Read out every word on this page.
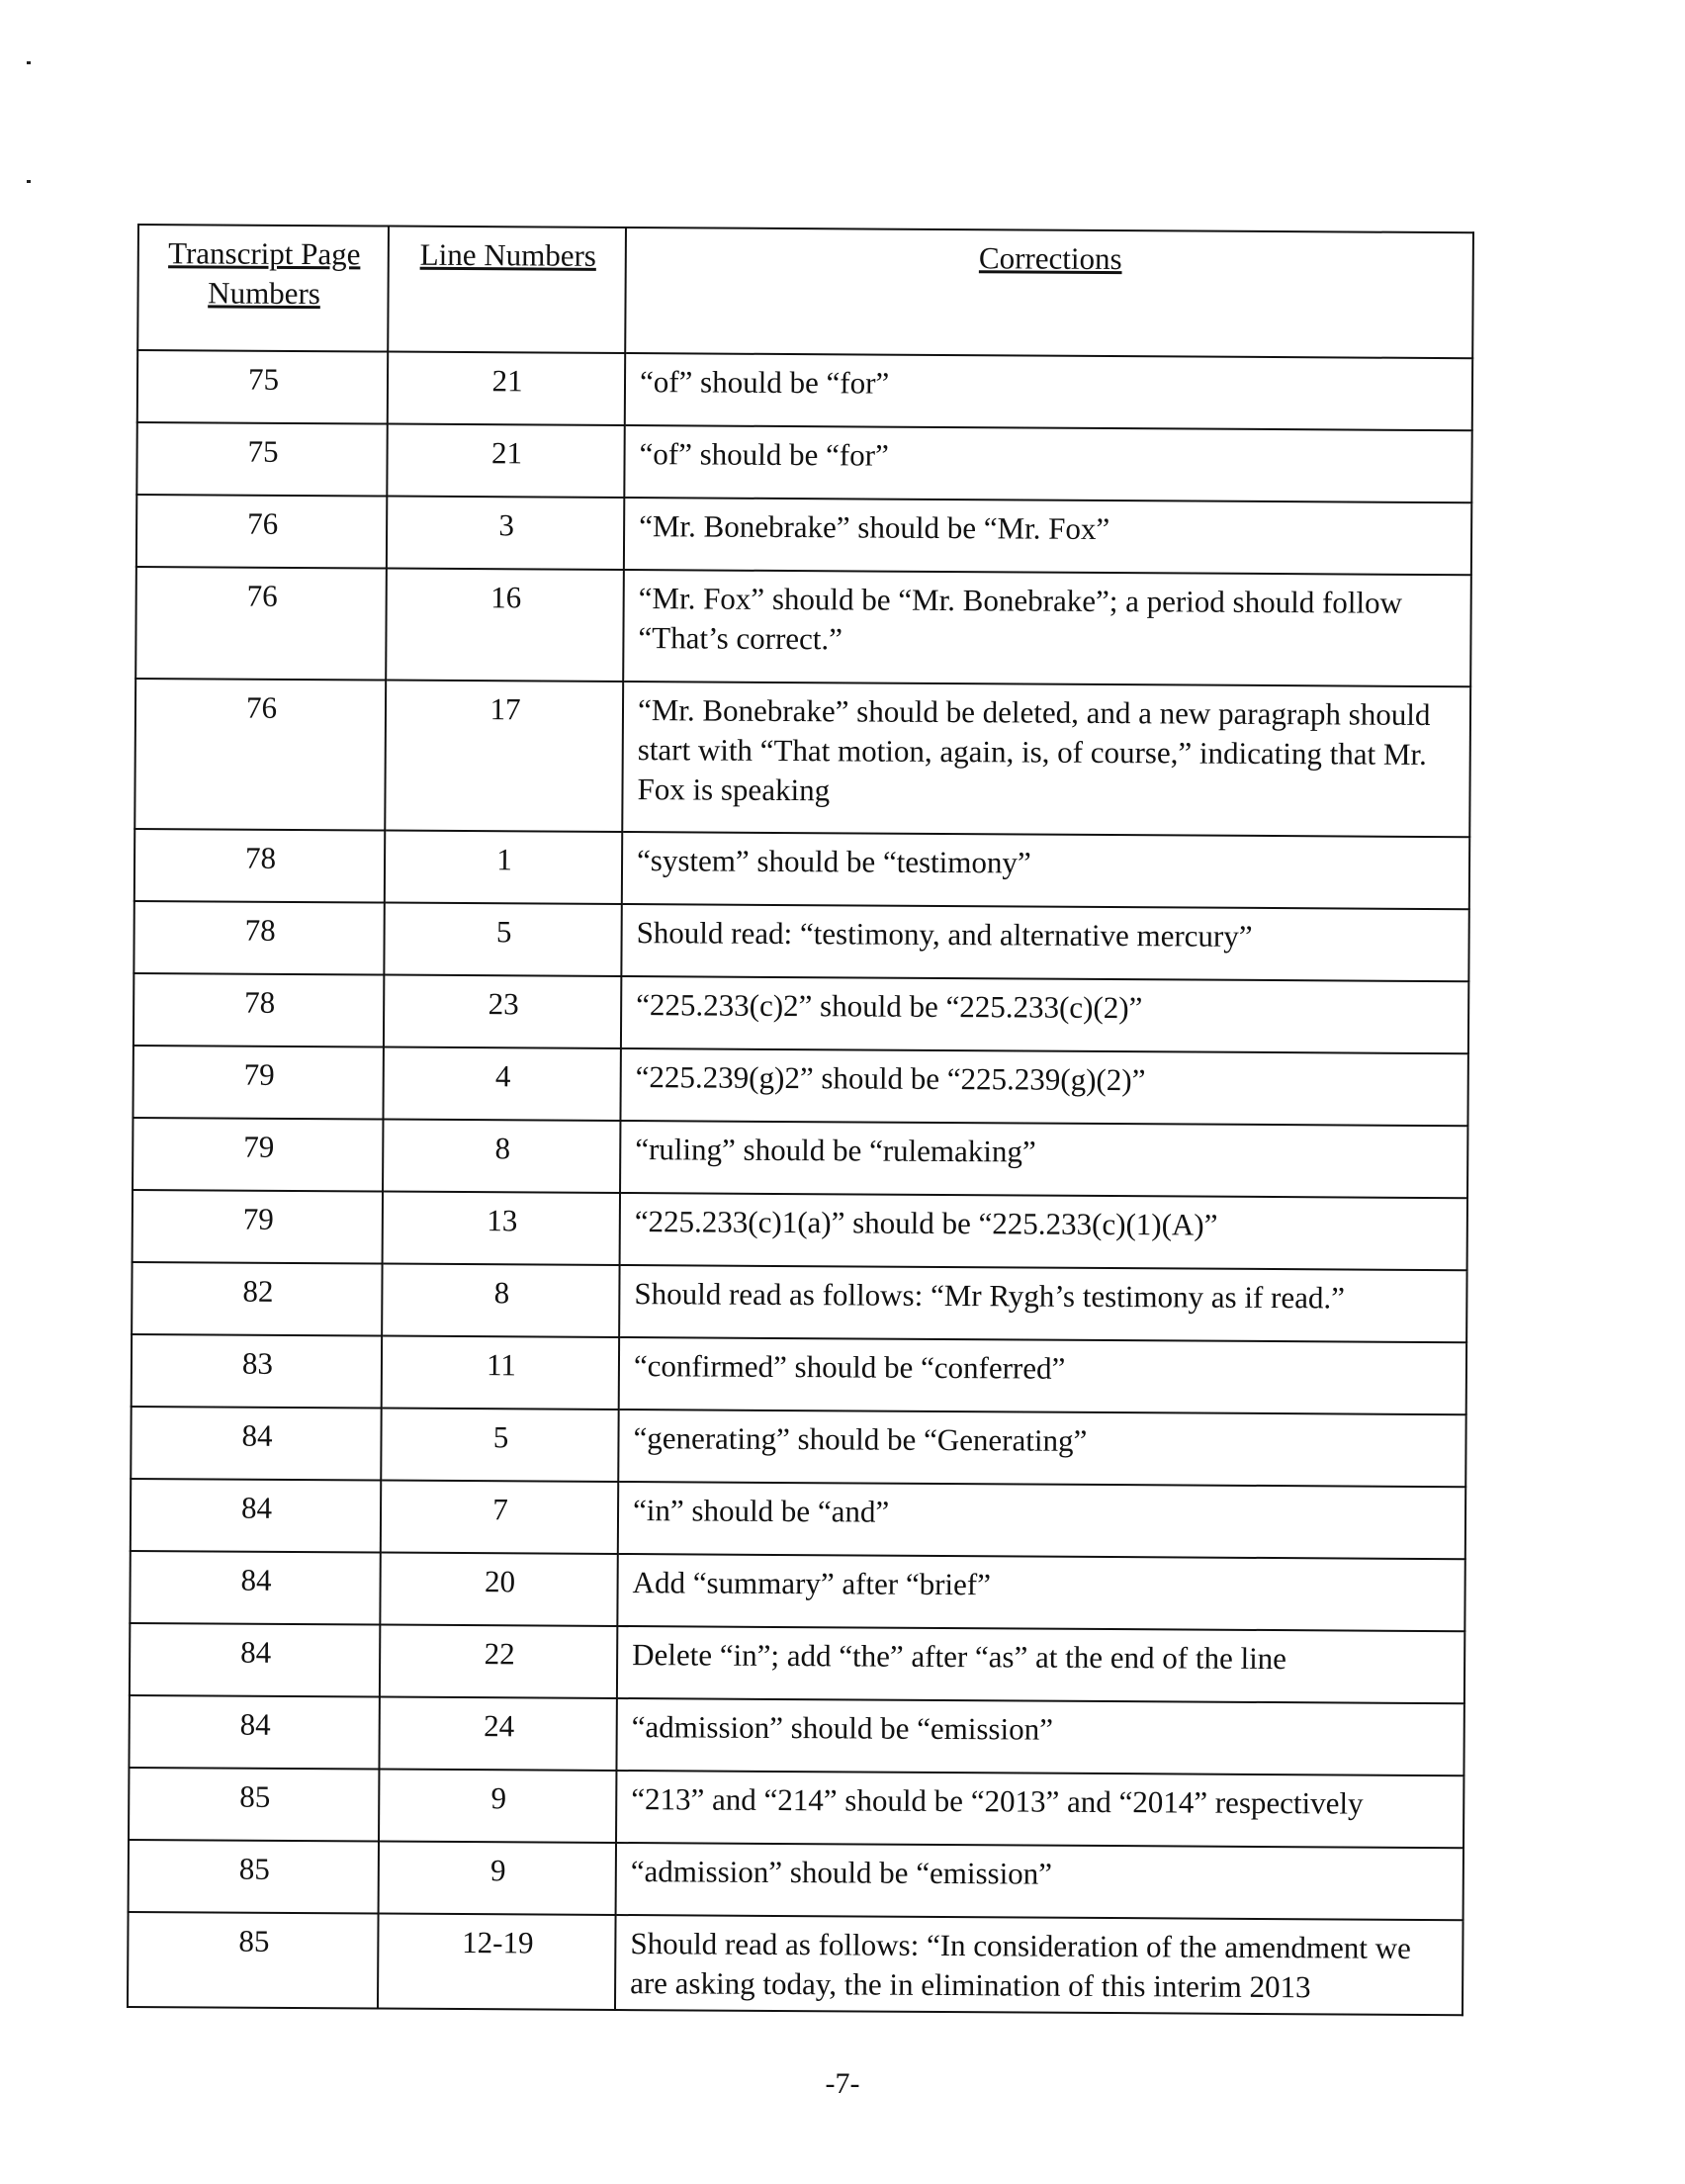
Transcript Page Numbers	Line Numbers	Corrections
75	21	“of” should be “for”
75	21	“of” should be “for”
76	3	“Mr. Bonebrake” should be “Mr. Fox”
76	16	“Mr. Fox” should be “Mr. Bonebrake”; a period should follow “That’s correct.”
76	17	“Mr. Bonebrake” should be deleted, and a new paragraph should start with “That motion, again, is, of course,” indicating that Mr. Fox is speaking
78	1	“system” should be “testimony”
78	5	Should read: “testimony, and alternative mercury”
78	23	“225.233(c)2” should be “225.233(c)(2)”
79	4	“225.239(g)2” should be “225.239(g)(2)”
79	8	“ruling” should be “rulemaking”
79	13	“225.233(c)1(a)” should be “225.233(c)(1)(A)”
82	8	Should read as follows: “Mr Rygh’s testimony as if read.”
83	11	“confirmed” should be “conferred”
84	5	“generating” should be “Generating”
84	7	“in” should be “and”
84	20	Add “summary” after “brief”
84	22	Delete “in”; add “the” after “as” at the end of the line
84	24	“admission” should be “emission”
85	9	“213” and “214” should be “2013” and “2014” respectively
85	9	“admission” should be “emission”
85	12-19	Should read as follows: “In consideration of the amendment we are asking today, the in elimination of this interim 2013
-7-
